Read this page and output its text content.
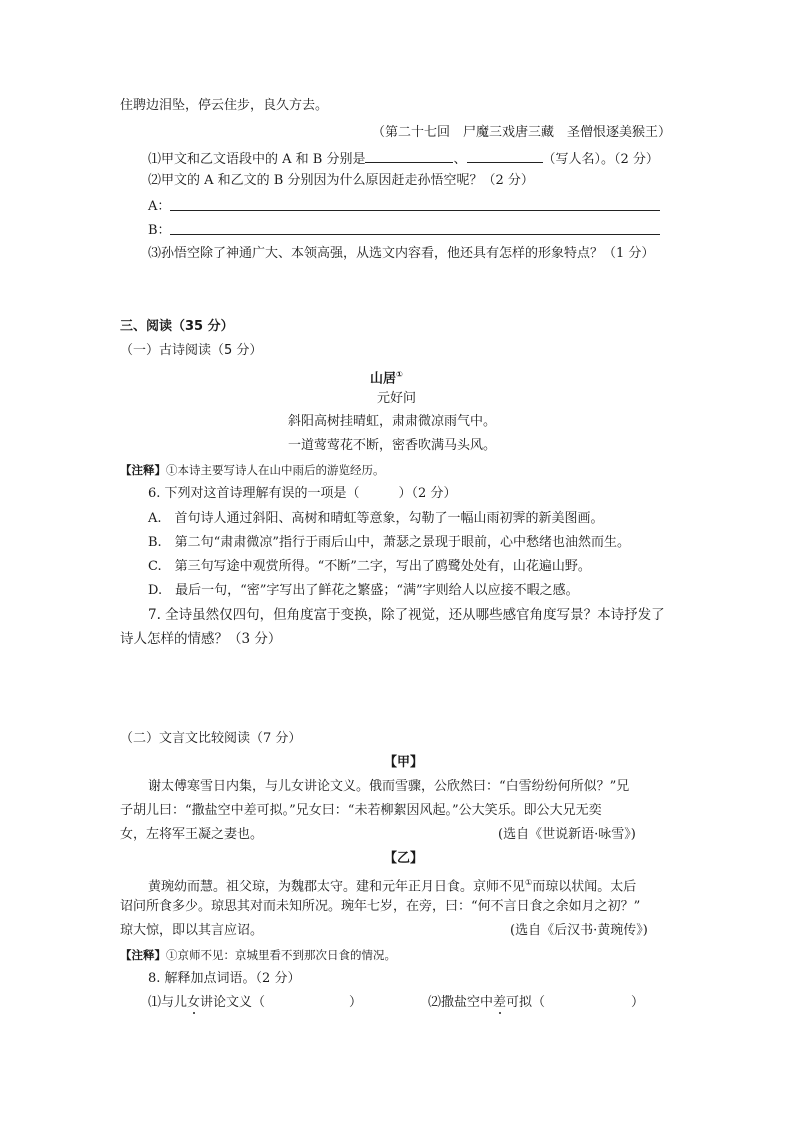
住聘边泪坠，停云住步，良久方去。
（第二十七回　尸魔三戏唐三藏　圣僧恨逐美猴王）
⑴甲文和乙文语段中的 A 和 B 分别是	、	（写人名）。（2 分）
⑵甲文的 A 和乙文的 B 分别因为什么原因赶走孙悟空呢？（2 分）
A：
B：
⑶孙悟空除了神通广大、本领高强，从选文内容看，他还具有怎样的形象特点？（1 分）
三、阅读（35 分）
（一）古诗阅读（5 分）
山居①
元好问
斜阳高树挂晴虹，肃肃微凉雨气中。
一道莺莺花不断，密香吹满马头风。
【注释】①本诗主要写诗人在山中雨后的游览经历。
6. 下列对这首诗理解有误的一项是（　　　）（2 分）
A.　首句诗人通过斜阳、高树和晴虹等意象，勾勒了一幅山雨初霁的新美图画。
B.　第二句“肃肃微凉”指行于雨后山中，萧瑟之景现于眼前，心中愁绪也油然而生。
C.　第三句写途中观赏所得。“不断”二字，写出了鸥鹭处处有，山花遍山野。
D.　最后一句，“密”字写出了鲜花之繁盛；“满”字则给人以应接不暇之感。
7. 全诗虽然仅四句，但角度富于变换，除了视觉，还从哪些感官角度写景？本诗抒发了
诗人怎样的情感？（3 分）
（二）文言文比较阅读（7 分）
【甲】
谢太傅寒雪日内集，与儿女讲论文义。俄而雪骤，公欣然曰：“白雪纷纷何所似？”兄
子胡儿曰：“撒盐空中差可拟。”兄女曰：“未若柳絮因风起。”公大笑乐。即公大兄无奕
女，左将军王凝之妻也。	(选自《世说新语·咏雪》)
【乙】
黄琬幼而慧。祖父琼，为魏郡太守。建和元年正月日食。京师不见①而琼以状闻。太后
诏问所食多少。琼思其对而未知所况。琬年七岁，在旁，曰：“何不言日食之余如月之初？”
琼大惊，即以其言应诏。	(选自《后汉书·黄琬传》)
【注释】①京师不见：京城里看不到那次日食的情况。
8. 解释加点词语。（2 分）
⑴与儿女讲论文义（	）	⑵撒盐空中差可拟（	）
